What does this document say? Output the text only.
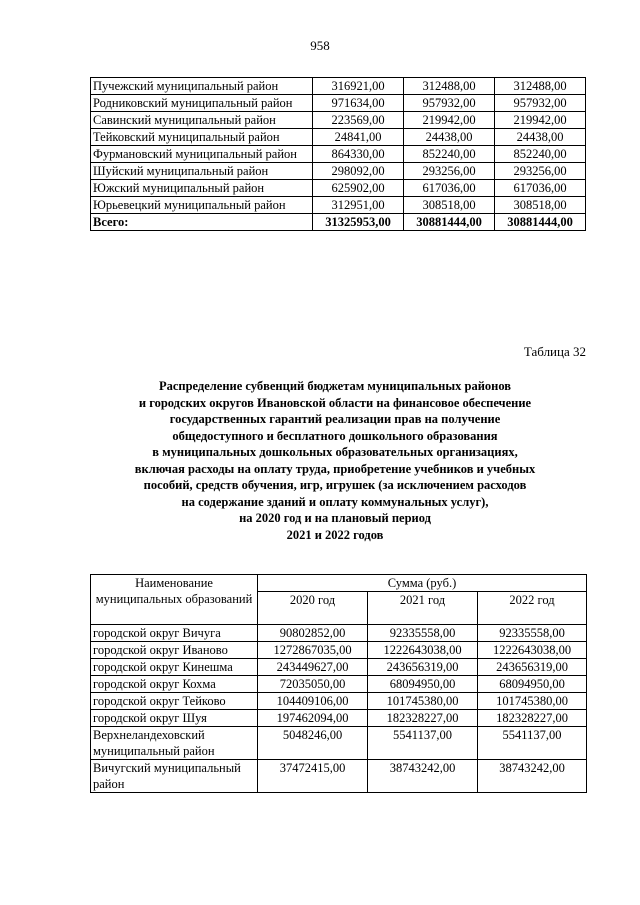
958
Пучежский муниципальный район	316921,00	312488,00	312488,00
Родниковский муниципальный район	971634,00	957932,00	957932,00
Савинский муниципальный район	223569,00	219942,00	219942,00
Тейковский муниципальный район	24841,00	24438,00	24438,00
Фурмановский муниципальный район	864330,00	852240,00	852240,00
Шуйский муниципальный район	298092,00	293256,00	293256,00
Южский муниципальный район	625902,00	617036,00	617036,00
Юрьевецкий муниципальный район	312951,00	308518,00	308518,00
Всего:	31325953,00	30881444,00	30881444,00
Таблица 32
Распределение субвенций бюджетам муниципальных районов
и городских округов Ивановской области на финансовое обеспечение
государственных гарантий реализации прав на получение
общедоступного и бесплатного дошкольного образования
в муниципальных дошкольных образовательных организациях,
включая расходы на оплату труда, приобретение учебников и учебных
пособий, средств обучения, игр, игрушек (за исключением расходов
на содержание зданий и оплату коммунальных услуг),
на 2020 год и на плановый период
2021 и 2022 годов
Наименование муниципальных образований	Сумма (руб.)		
	2020 год	2021 год	2022 год
городской округ Вичуга	90802852,00	92335558,00	92335558,00
городской округ Иваново	1272867035,00	1222643038,00	1222643038,00
городской округ Кинешма	243449627,00	243656319,00	243656319,00
городской округ Кохма	72035050,00	68094950,00	68094950,00
городской округ Тейково	104409106,00	101745380,00	101745380,00
городской округ Шуя	197462094,00	182328227,00	182328227,00
Верхнеландеховский муниципальный район	5048246,00	5541137,00	5541137,00
Вичугский муниципальный район	37472415,00	38743242,00	38743242,00
